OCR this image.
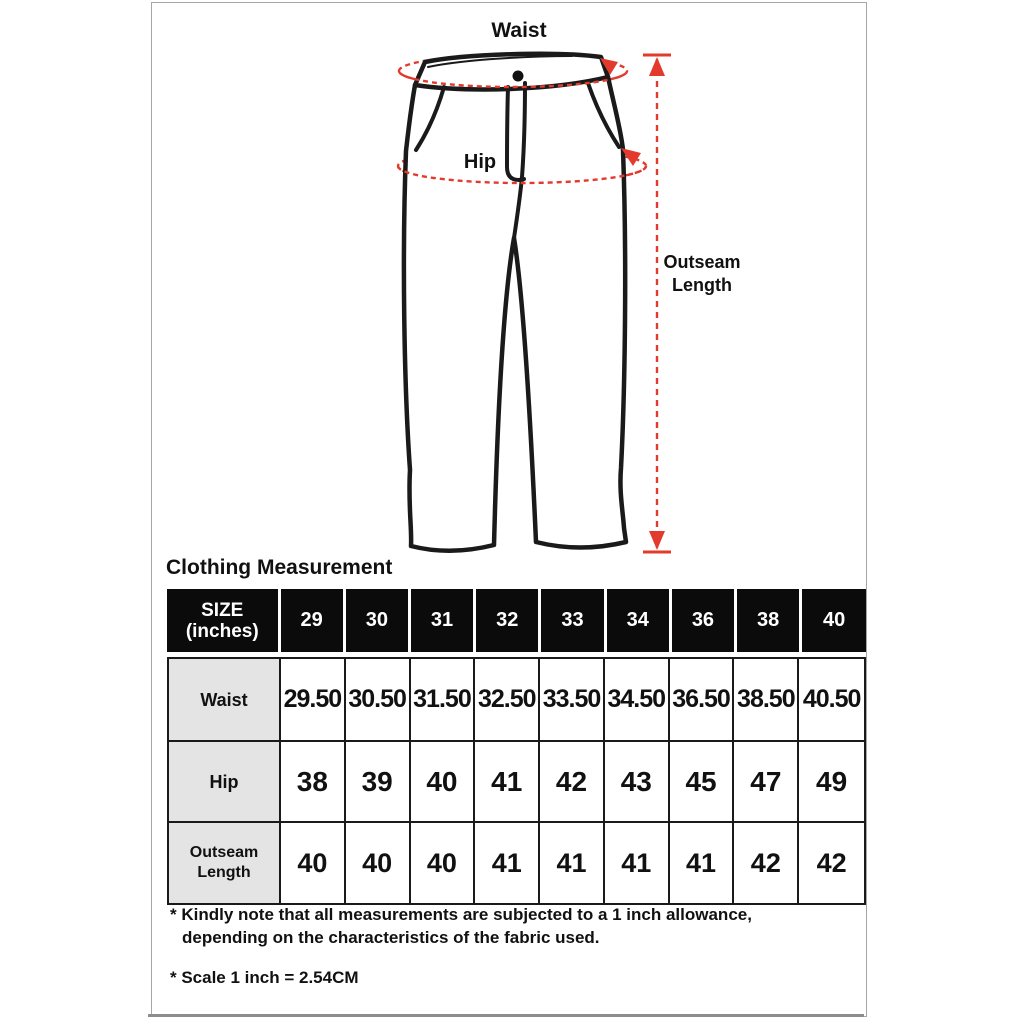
Waist
Hip
Outseam
Length
Clothing Measurement
SIZE
(inches)	29	30	31	32	33	34	36	38	40
Waist	29.50 30.50 31.50 32.50 33.50 34.50 36.50 38.50 40.50
Hip	38	39	40	41	42	43	45	47	49
Outseam Length	40	40	40	41	41	41	41	42	42
* Kindly note that all measurements are subjected to a 1 inch allowance,
depending on the characteristics of the fabric used.
* Scale 1 inch = 2.54CM
